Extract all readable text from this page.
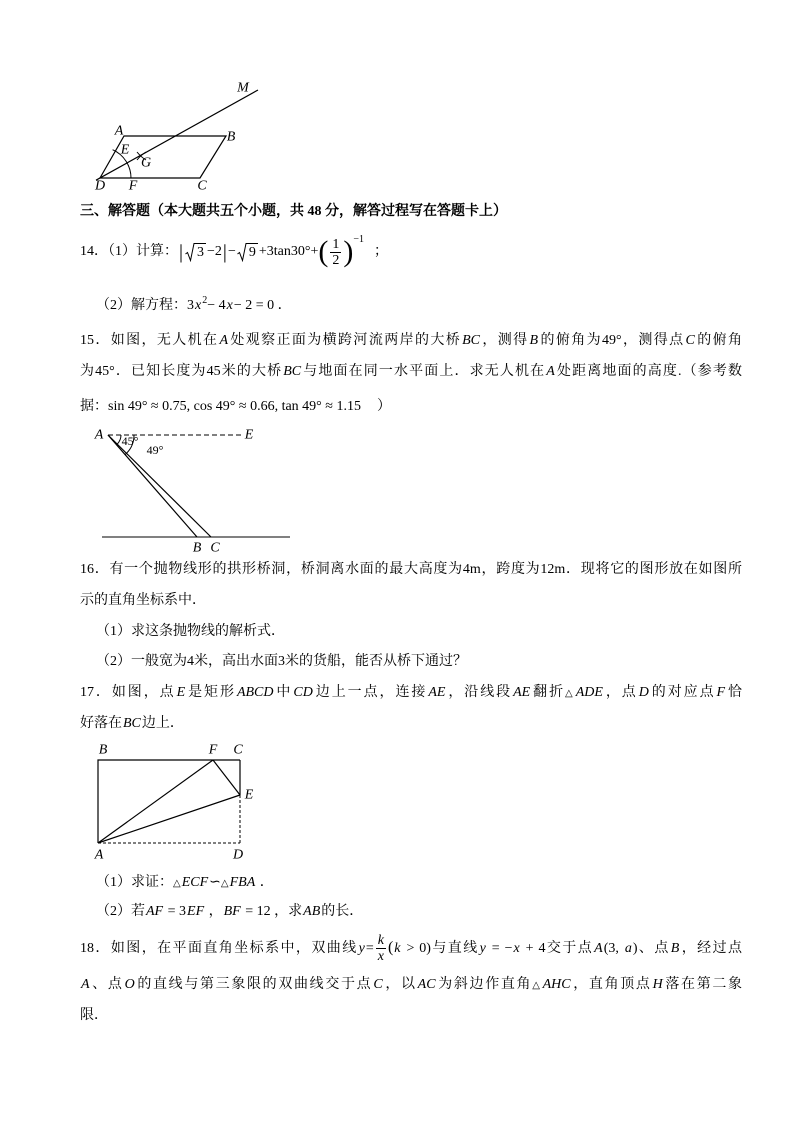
M
A	B
E
G
D F	C
三、解答题（本大题共五个小题，共 48 分，解答过程写在答题卡上）
14．（1）计算：| $3 -2|- 9 +3\tan 30^\circ+( \frac{1}{2} )^{-1}$；
（2）解方程：$3x^2- 4x- 2 = 0$ ．
15．如图，无人机在A处观察正面为横跨河流两岸的大桥BC，测得B的俯角为49°，测得点C的俯角
为45°．已知长度为45米的大桥BC与地面在同一水平面上．求无人机在A处距离地面的高度.（参考数
据：sin 49° ≈ 0.75, cos 49° ≈ 0.66, tan 49° ≈ 1.15 ）
A	E
45°
49°
B C
16．有一个抛物线形的拱形桥洞，桥洞离水面的最大高度为4m，跨度为12m．现将它的图形放在如图所
示的直角坐标系中．
（1）求这条抛物线的解析式．
（2）一般宽为4米，高出水面3米的货船，能否从桥下通过？
17．如图，点E是矩形ABCD中CD边上一点，连接AE，沿线段AE翻折△ADE，点D的对应点F恰
好落在BC边上．
B	F C
E
A	D
（1）求证：△ECF∽△FBA ．
（2）若AF = 3EF ，BF = 12 ，求AB的长．
18．如图，在平面直角坐标系中，双曲线$y= \frac{k}{x} (k > 0)$与直线y = −x + 4交于点A(3, a)、点B，经过点
A、点O的直线与第三象限的双曲线交于点C，以AC为斜边作直角△AHC，直角顶点H落在第二象
限．
